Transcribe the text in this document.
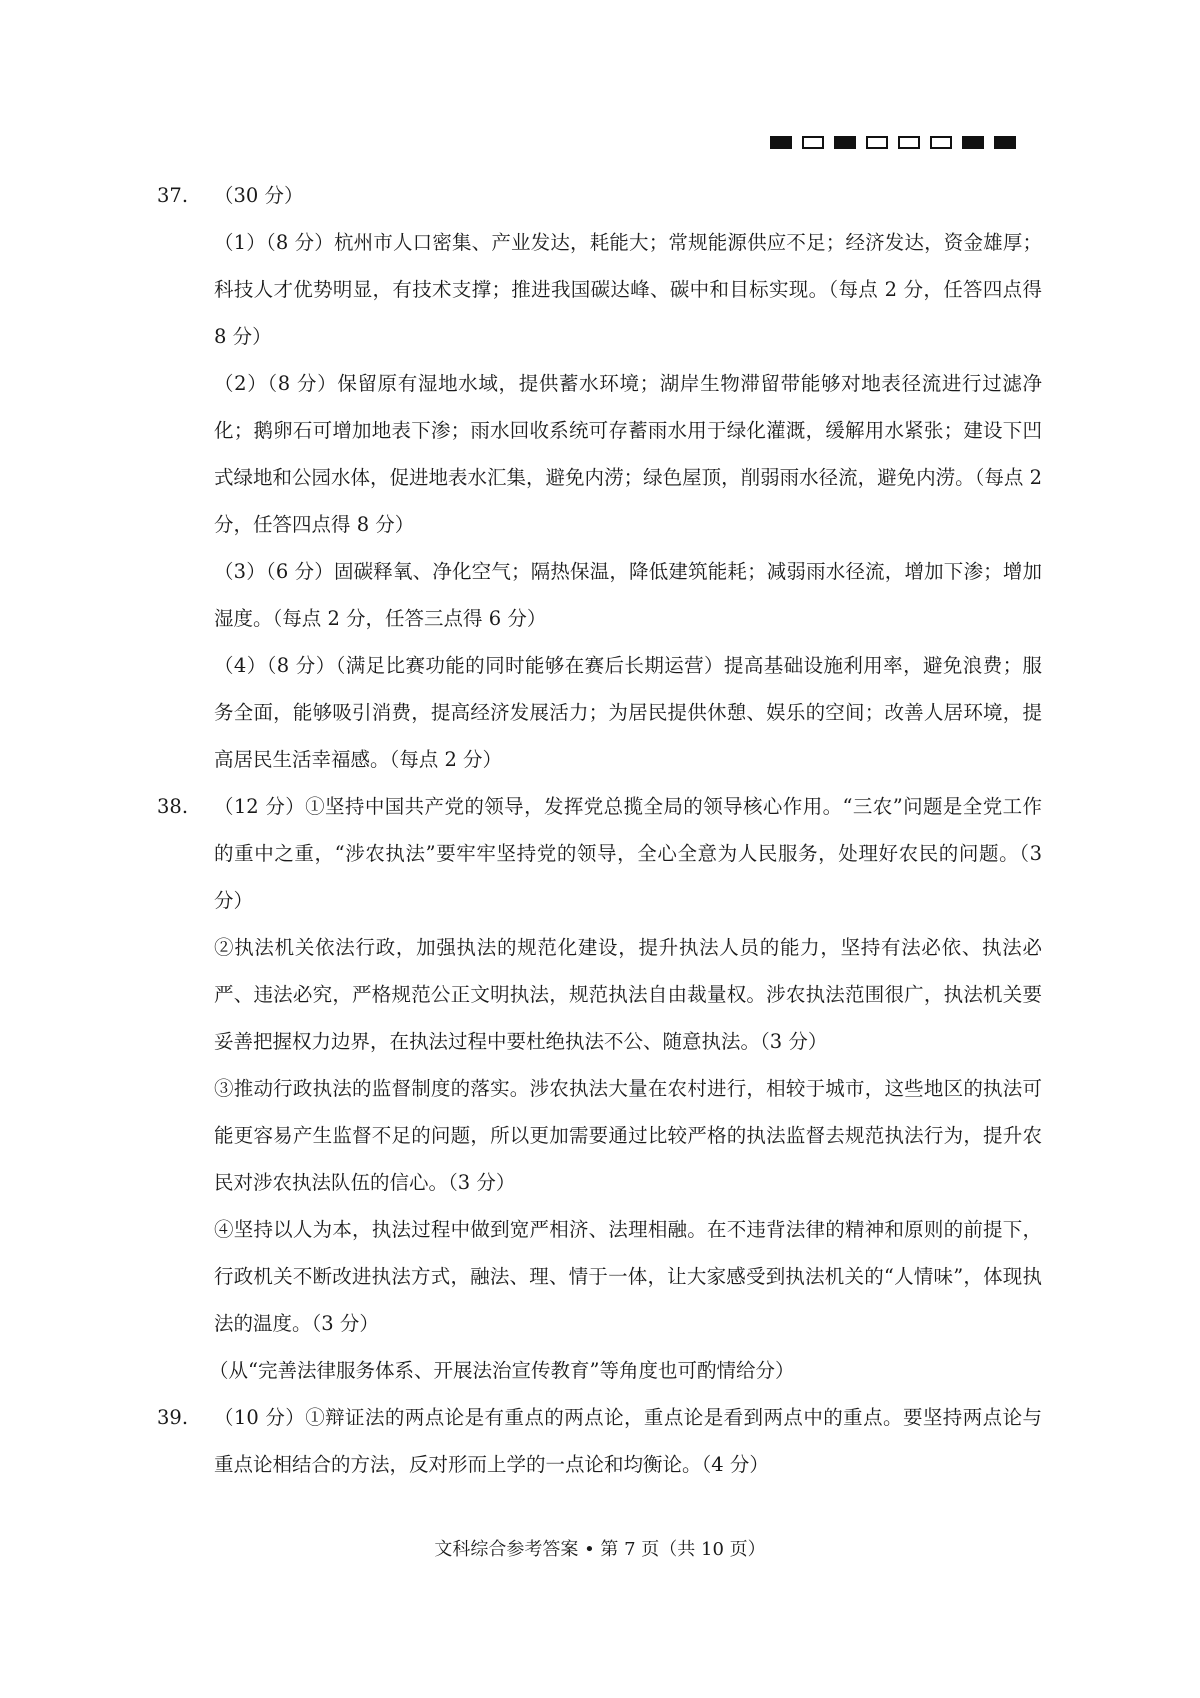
37.	（30 分）
（1）（8 分）杭州市人口密集、产业发达，耗能大；常规能源供应不足；经济发达，资金雄厚；科技人才优势明显，有技术支撑；推进我国碳达峰、碳中和目标实现。（每点 2 分，任答四点得 8 分）
（2）（8 分）保留原有湿地水域，提供蓄水环境；湖岸生物滞留带能够对地表径流进行过滤净化；鹅卵石可增加地表下渗；雨水回收系统可存蓄雨水用于绿化灌溉，缓解用水紧张；建设下凹式绿地和公园水体，促进地表水汇集，避免内涝；绿色屋顶，削弱雨水径流，避免内涝。（每点 2 分，任答四点得 8 分）
（3）（6 分）固碳释氧、净化空气；隔热保温，降低建筑能耗；减弱雨水径流，增加下渗；增加湿度。（每点 2 分，任答三点得 6 分）
（4）（8 分）（满足比赛功能的同时能够在赛后长期运营）提高基础设施利用率，避免浪费；服务全面，能够吸引消费，提高经济发展活力；为居民提供休憩、娱乐的空间；改善人居环境，提高居民生活幸福感。（每点 2 分）
38.	（12 分）①坚持中国共产党的领导，发挥党总揽全局的领导核心作用。“三农”问题是全党工作的重中之重，“涉农执法”要牢牢坚持党的领导，全心全意为人民服务，处理好农民的问题。（3 分）
②执法机关依法行政，加强执法的规范化建设，提升执法人员的能力，坚持有法必依、执法必严、违法必究，严格规范公正文明执法，规范执法自由裁量权。涉农执法范围很广，执法机关要妥善把握权力边界，在执法过程中要杜绝执法不公、随意执法。（3 分）
③推动行政执法的监督制度的落实。涉农执法大量在农村进行，相较于城市，这些地区的执法可能更容易产生监督不足的问题，所以更加需要通过比较严格的执法监督去规范执法行为，提升农民对涉农执法队伍的信心。（3 分）
④坚持以人为本，执法过程中做到宽严相济、法理相融。在不违背法律的精神和原则的前提下，行政机关不断改进执法方式，融法、理、情于一体，让大家感受到执法机关的“人情味”，体现执法的温度。（3 分）
（从“完善法律服务体系、开展法治宣传教育”等角度也可酌情给分）
39.	（10 分）①辩证法的两点论是有重点的两点论，重点论是看到两点中的重点。要坚持两点论与重点论相结合的方法，反对形而上学的一点论和均衡论。（4 分）
文科综合参考答案 • 第 7 页（共 10 页）
